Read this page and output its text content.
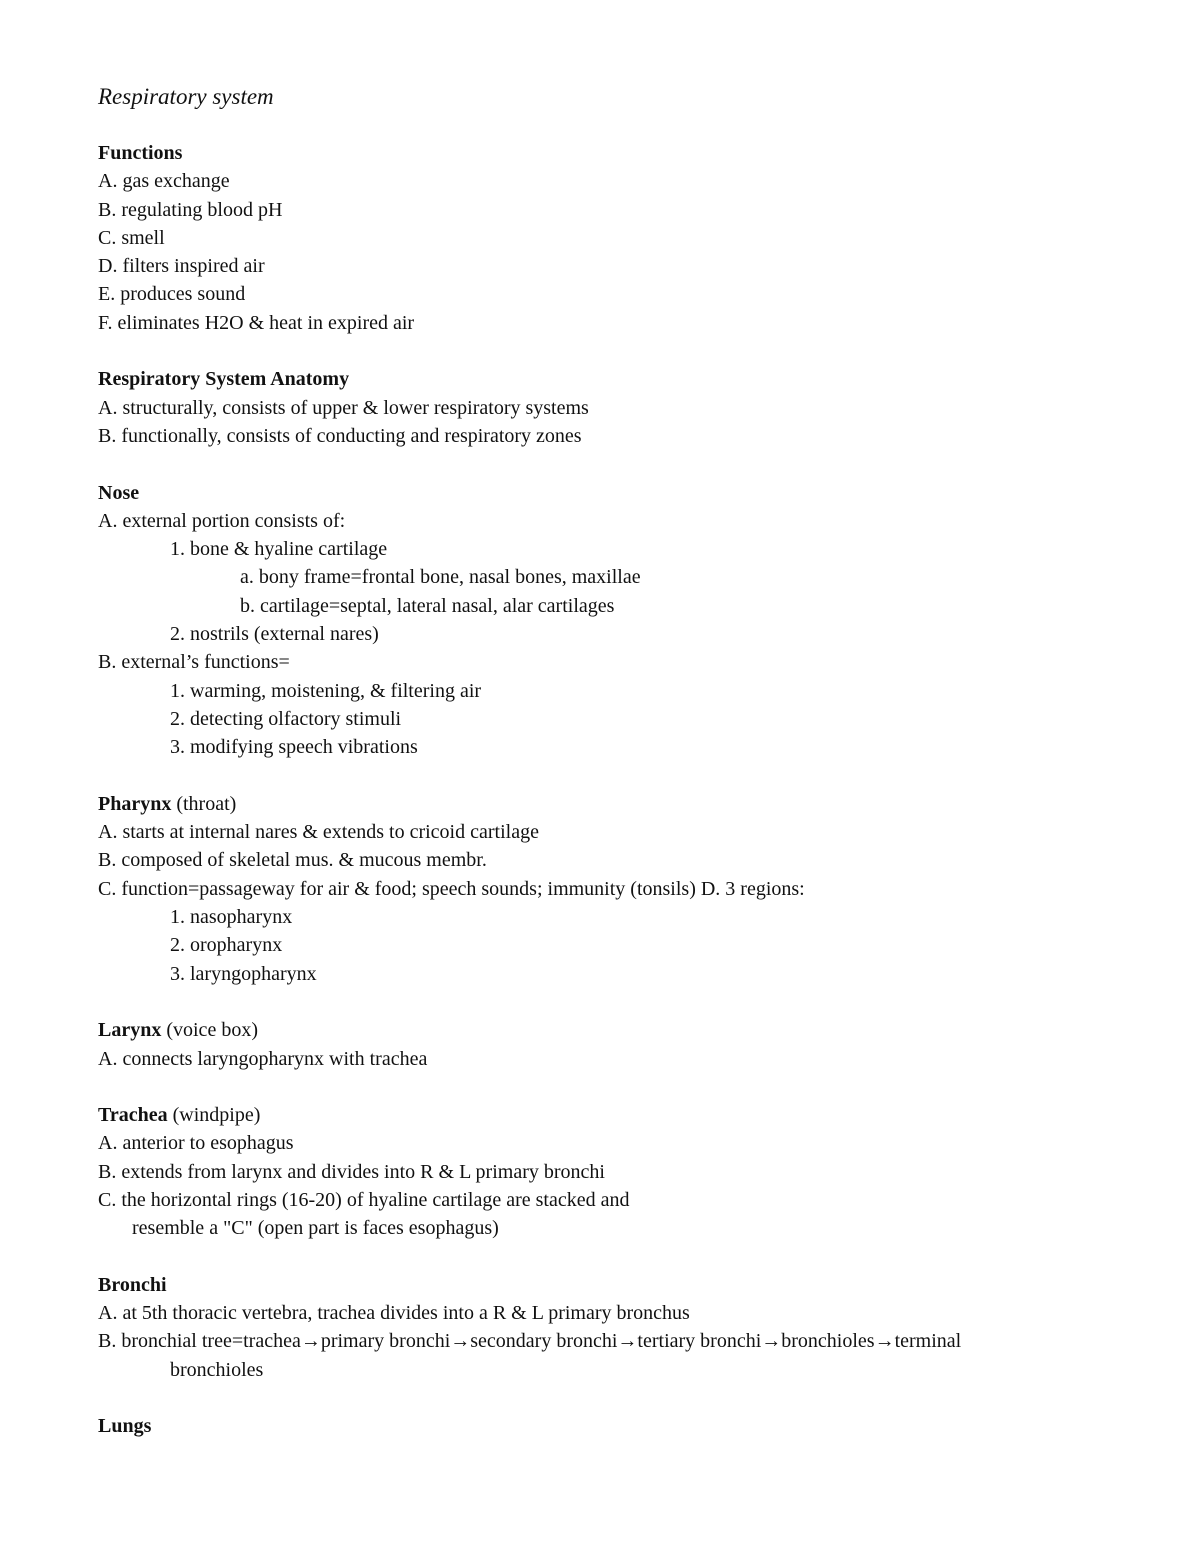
Respiratory system
Functions
A. gas exchange
B. regulating blood pH
C. smell
D. filters inspired air
E. produces sound
F. eliminates H2O & heat in expired air
Respiratory System Anatomy
A. structurally, consists of upper & lower respiratory systems
B. functionally, consists of conducting and respiratory zones
Nose
A. external portion consists of:
1. bone & hyaline cartilage
a. bony frame=frontal bone, nasal bones, maxillae
b. cartilage=septal, lateral nasal, alar cartilages
2. nostrils (external nares)
B. external’s functions=
1. warming, moistening, & filtering air
2. detecting olfactory stimuli
3. modifying speech vibrations
Pharynx (throat)
A. starts at internal nares & extends to cricoid cartilage
B. composed of skeletal mus. & mucous membr.
C. function=passageway for air & food; speech sounds; immunity (tonsils) D. 3 regions:
1. nasopharynx
2. oropharynx
3. laryngopharynx
Larynx (voice box)
A. connects laryngopharynx with trachea
Trachea (windpipe)
A. anterior to esophagus
B. extends from larynx and divides into R & L primary bronchi
C. the horizontal rings (16-20) of hyaline cartilage are stacked and
resemble a "C" (open part is faces esophagus)
Bronchi
A. at 5th thoracic vertebra, trachea divides into a R & L primary bronchus
B. bronchial tree=trachea→primary bronchi→secondary bronchi→tertiary bronchi→bronchioles→terminal
bronchioles
Lungs
